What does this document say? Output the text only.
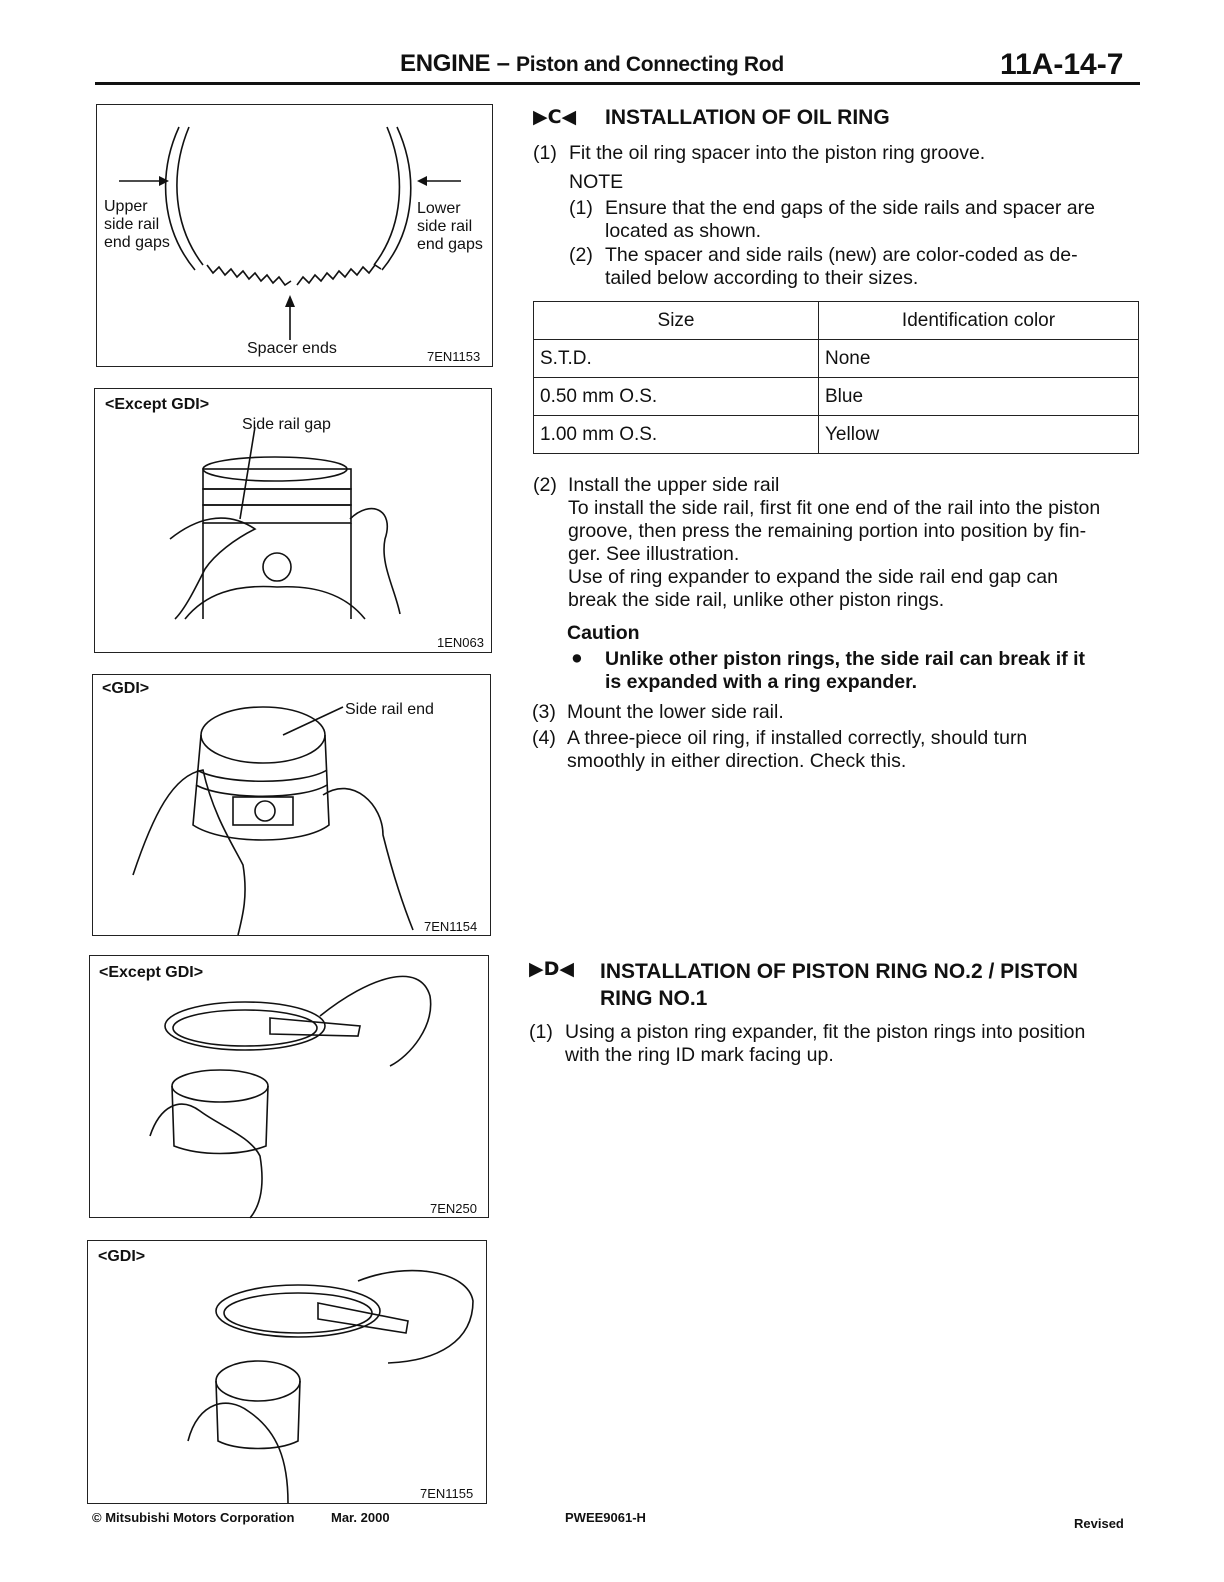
ENGINE – Piston and Connecting Rod	11A-14-7
Upper
side rail
end gaps
Lower
side rail
end gaps
Spacer ends	7EN1153
<Except GDI>
Side rail gap
1EN063
<GDI>
Side rail end
7EN1154
<Except GDI>
7EN250
<GDI>
7EN1155
▶C◀ INSTALLATION OF OIL RING
(1) Fit the oil ring spacer into the piston ring groove.
NOTE
(1) Ensure that the end gaps of the side rails and spacer are
located as shown.
(2) The spacer and side rails (new) are color-coded as de-
tailed below according to their sizes.
Size	Identification color
S.T.D.	None
0.50 mm O.S.	Blue
1.00 mm O.S.	Yellow
(2) Install the upper side rail
To install the side rail, first fit one end of the rail into the piston
groove, then press the remaining portion into position by fin-
ger. See illustration.
Use of ring expander to expand the side rail end gap can
break the side rail, unlike other piston rings.
Caution
● Unlike other piston rings, the side rail can break if it
is expanded with a ring expander.
(3) Mount the lower side rail.
(4) A three-piece oil ring, if installed correctly, should turn
smoothly in either direction. Check this.
▶D◀ INSTALLATION OF PISTON RING NO.2 / PISTON
RING NO.1
(1) Using a piston ring expander, fit the piston rings into position
with the ring ID mark facing up.
© Mitsubishi Motors Corporation	Mar. 2000	PWEE9061-H	Revised
